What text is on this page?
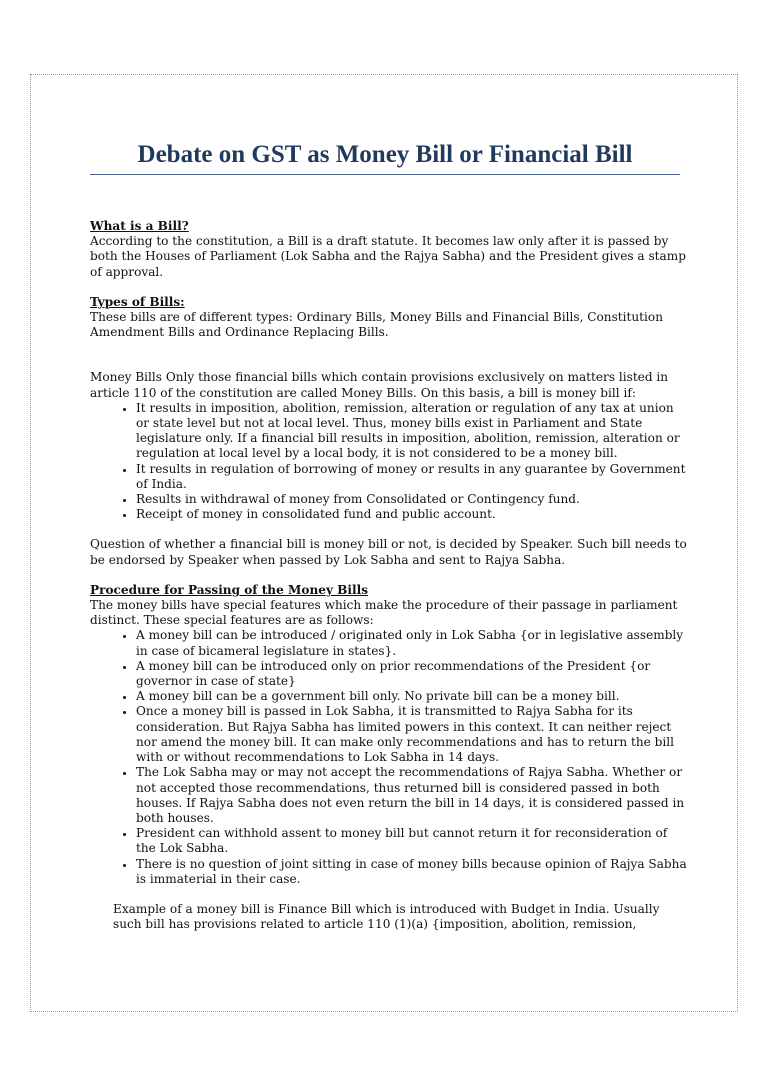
Debate on GST as Money Bill or Financial Bill
What is a Bill?

According to the constitution, a Bill is a draft statute. It becomes law only after it is passed by both the Houses of Parliament (Lok Sabha and the Rajya Sabha) and the President gives a stamp of approval.

Types of Bills:

These bills are of different types: Ordinary Bills, Money Bills and Financial Bills, Constitution Amendment Bills and Ordinance Replacing Bills.

Money Bills Only those financial bills which contain provisions exclusively on matters listed in article 110 of the constitution are called Money Bills. On this basis, a bill is money bill if:

• It results in imposition, abolition, remission, alteration or regulation of any tax at union or state level but not at local level. Thus, money bills exist in Parliament and State legislature only. If a financial bill results in imposition, abolition, remission, alteration or regulation at local level by a local body, it is not considered to be a money bill.
• It results in regulation of borrowing of money or results in any guarantee by Government of India.
• Results in withdrawal of money from Consolidated or Contingency fund.
• Receipt of money in consolidated fund and public account.

Question of whether a financial bill is money bill or not, is decided by Speaker. Such bill needs to be endorsed by Speaker when passed by Lok Sabha and sent to Rajya Sabha.

Procedure for Passing of the Money Bills

The money bills have special features which make the procedure of their passage in parliament distinct. These special features are as follows:

• A money bill can be introduced / originated only in Lok Sabha {or in legislative assembly in case of bicameral legislature in states}.
• A money bill can be introduced only on prior recommendations of the President {or governor in case of state}
• A money bill can be a government bill only. No private bill can be a money bill.
• Once a money bill is passed in Lok Sabha, it is transmitted to Rajya Sabha for its consideration. But Rajya Sabha has limited powers in this context. It can neither reject nor amend the money bill. It can make only recommendations and has to return the bill with or without recommendations to Lok Sabha in 14 days.
• The Lok Sabha may or may not accept the recommendations of Rajya Sabha. Whether or not accepted those recommendations, thus returned bill is considered passed in both houses. If Rajya Sabha does not even return the bill in 14 days, it is considered passed in both houses.
• President can withhold assent to money bill but cannot return it for reconsideration of the Lok Sabha.
• There is no question of joint sitting in case of money bills because opinion of Rajya Sabha is immaterial in their case.

Example of a money bill is Finance Bill which is introduced with Budget in India. Usually such bill has provisions related to article 110 (1)(a) {imposition, abolition, remission,
